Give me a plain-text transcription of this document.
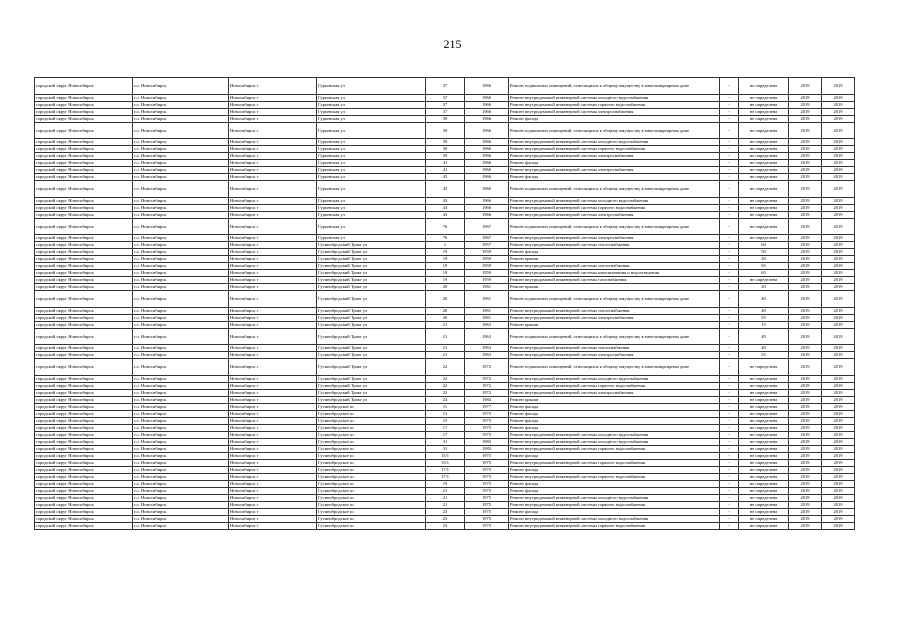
215
городской округ Новосибирск	г.о. Новосибирск	Новосибирск г	Гурьевская ул	37	1966	Ремонт подвальных помещений, относящихся к общему имуществу в многоквартирном доме	-	не определена	2019	2019
городской округ Новосибирск	г.о. Новосибирск	Новосибирск г	Гурьевская ул	37	1966	Ремонт внутридомовой инженерной системы холодного водоснабжения	-	не определена	2019	2019
городской округ Новосибирск	г.о. Новосибирск	Новосибирск г	Гурьевская ул	37	1966	Ремонт внутридомовой инженерной системы горячего водоснабжения	-	не определена	2019	2019
городской округ Новосибирск	г.о. Новосибирск	Новосибирск г	Гурьевская ул	37	1966	Ремонт внутридомовой инженерной системы электроснабжения	-	не определена	2019	2019
городской округ Новосибирск	г.о. Новосибирск	Новосибирск г	Гурьевская ул	39	1966	Ремонт фасада	-	не определена	2019	2019
городской округ Новосибирск	г.о. Новосибирск	Новосибирск г	Гурьевская ул	39	1966	Ремонт подвальных помещений, относящихся к общему имуществу в многоквартирном доме	-	не определена	2019	2019
городской округ Новосибирск	г.о. Новосибирск	Новосибирск г	Гурьевская ул	39	1966	Ремонт внутридомовой инженерной системы холодного водоснабжения	-	не определена	2019	2019
городской округ Новосибирск	г.о. Новосибирск	Новосибирск г	Гурьевская ул	39	1966	Ремонт внутридомовой инженерной системы горячего водоснабжения	-	не определена	2019	2019
городской округ Новосибирск	г.о. Новосибирск	Новосибирск г	Гурьевская ул	39	1966	Ремонт внутридомовой инженерной системы электроснабжения	-	не определена	2019	2019
городской округ Новосибирск	г.о. Новосибирск	Новосибирск г	Гурьевская ул	41	1966	Ремонт фасада	-	не определена	2019	2019
городской округ Новосибирск	г.о. Новосибирск	Новосибирск г	Гурьевская ул	41	1966	Ремонт внутридомовой инженерной системы электроснабжения	-	не определена	2019	2019
городской округ Новосибирск	г.о. Новосибирск	Новосибирск г	Гурьевская ул	43	1966	Ремонт фасада	-	не определена	2019	2019
городской округ Новосибирск	г.о. Новосибирск	Новосибирск г	Гурьевская ул	43	1966	Ремонт подвальных помещений, относящихся к общему имуществу в многоквартирном доме	-	не определена	2019	2019
городской округ Новосибирск	г.о. Новосибирск	Новосибирск г	Гурьевская ул	43	1966	Ремонт внутридомовой инженерной системы холодного водоснабжения	-	не определена	2019	2019
городской округ Новосибирск	г.о. Новосибирск	Новосибирск г	Гурьевская ул	43	1966	Ремонт внутридомовой инженерной системы горячего водоснабжения	-	не определена	2019	2019
городской округ Новосибирск	г.о. Новосибирск	Новосибирск г	Гурьевская ул	43	1966	Ремонт внутридомовой инженерной системы электроснабжения	-	не определена	2019	2019
городской округ Новосибирск	г.о. Новосибирск	Новосибирск г	Гурьевская ул	76	1967	Ремонт подвальных помещений, относящихся к общему имуществу в многоквартирном доме	-	не определена	2019	2019
городской округ Новосибирск	г.о. Новосибирск	Новосибирск г	Гурьевская ул	76	1967	Ремонт внутридомовой инженерной системы электроснабжения	-	не определена	2019	2019
городской округ Новосибирск	г.о. Новосибирск	Новосибирск г	Гусинобродский Тракт ул	1	1957	Ремонт внутридомовой инженерной системы теплоснабжения	-	60	2019	2019
городской округ Новосибирск	г.о. Новосибирск	Новосибирск г	Гусинобродский Тракт ул	19	1959	Ремонт фасада	-	50	2019	2019
городской округ Новосибирск	г.о. Новосибирск	Новосибирск г	Гусинобродский Тракт ул	19	1959	Ремонт крыши	-	20	2019	2019
городской округ Новосибирск	г.о. Новосибирск	Новосибирск г	Гусинобродский Тракт ул	19	1959	Ремонт внутридомовой инженерной системы теплоснабжения	-	65	2019	2019
городской округ Новосибирск	г.о. Новосибирск	Новосибирск г	Гусинобродский Тракт ул	19	1959	Ремонт внутридомовой инженерной системы канализования и водоотведения	-	65	2019	2019
городской округ Новосибирск	г.о. Новосибирск	Новосибирск г	Гусинобродский Тракт ул	19	1959	Ремонт внутридомовой инженерной системы газоснабжения	-	не определена	2019	2019
городской округ Новосибирск	г.о. Новосибирск	Новосибирск г	Гусинобродский Тракт ул	20	1961	Ремонт крыши	-	20	2019	2019
городской округ Новосибирск	г.о. Новосибирск	Новосибирск г	Гусинобродский Тракт ул	20	1961	Ремонт подвальных помещений, относящихся к общему имуществу в многоквартирном доме	-	40	2019	2019
городской округ Новосибирск	г.о. Новосибирск	Новосибирск г	Гусинобродский Тракт ул	20	1961	Ремонт внутридомовой инженерной системы теплоснабжения	-	40	2019	2019
городской округ Новосибирск	г.о. Новосибирск	Новосибирск г	Гусинобродский Тракт ул	20	1961	Ремонт внутридомовой инженерной системы электроснабжения	-	55	2019	2019
городской округ Новосибирск	г.о. Новосибирск	Новосибирск г	Гусинобродский Тракт ул	21	1963	Ремонт крыши	-	15	2019	2019
городской округ Новосибирск	г.о. Новосибирск	Новосибирск г	Гусинобродский Тракт ул	21	1963	Ремонт подвальных помещений, относящихся к общему имуществу в многоквартирном доме	-	49	2019	2019
городской округ Новосибирск	г.о. Новосибирск	Новосибирск г	Гусинобродский Тракт ул	21	1963	Ремонт внутридомовой инженерной системы теплоснабжения	-	40	2019	2019
городской округ Новосибирск	г.о. Новосибирск	Новосибирск г	Гусинобродский Тракт ул	21	1963	Ремонт внутридомовой инженерной системы электроснабжения	-	55	2019	2019
городской округ Новосибирск	г.о. Новосибирск	Новосибирск г	Гусинобродский Тракт ул	22	1972	Ремонт подвальных помещений, относящихся к общему имуществу в многоквартирном доме	-	не определена	2019	2019
городской округ Новосибирск	г.о. Новосибирск	Новосибирск г	Гусинобродский Тракт ул	22	1972	Ремонт внутридомовой инженерной системы холодного водоснабжения	-	не определена	2019	2019
городской округ Новосибирск	г.о. Новосибирск	Новосибирск г	Гусинобродский Тракт ул	22	1972	Ремонт внутридомовой инженерной системы горячего водоснабжения	-	не определена	2019	2019
городской округ Новосибирск	г.о. Новосибирск	Новосибирск г	Гусинобродский Тракт ул	22	1972	Ремонт внутридомовой инженерной системы электроснабжения	-	не определена	2019	2019
городской округ Новосибирск	г.о. Новосибирск	Новосибирск г	Гусинобродский Тракт ул	24	1984	Ремонт крыши	-	не определена	2019	2019
городской округ Новосибирск	г.о. Новосибирск	Новосибирск г	Гусинобродское ш	11	1977	Ремонт фасада	-	не определена	2019	2019
городской округ Новосибирск	г.о. Новосибирск	Новосибирск г	Гусинобродское ш	13	1975	Ремонт фасада	-	не определена	2019	2019
городской округ Новосибирск	г.о. Новосибирск	Новосибирск г	Гусинобродское ш	15	1975	Ремонт фасада	-	не определена	2019	2019
городской округ Новосибирск	г.о. Новосибирск	Новосибирск г	Гусинобродское ш	17	1975	Ремонт фасада	-	не определена	2019	2019
городской округ Новосибирск	г.о. Новосибирск	Новосибирск г	Гусинобродское ш	17	1975	Ремонт внутридомовой инженерной системы холодного водоснабжения	-	не определена	2019	2019
городской округ Новосибирск	г.о. Новосибирск	Новосибирск г	Гусинобродское ш	31	1983	Ремонт внутридомовой инженерной системы холодного водоснабжения	-	не определена	2019	2019
городской округ Новосибирск	г.о. Новосибирск	Новосибирск г	Гусинобродское ш	31	1983	Ремонт внутридомовой инженерной системы горячего водоснабжения	-	не определена	2019	2019
городской округ Новосибирск	г.о. Новосибирск	Новосибирск г	Гусинобродское ш	15/1	1975	Ремонт фасада	-	не определена	2019	2019
городской округ Новосибирск	г.о. Новосибирск	Новосибирск г	Гусинобродское ш	15/1	1975	Ремонт внутридомовой инженерной системы горячего водоснабжения	-	не определена	2019	2019
городской округ Новосибирск	г.о. Новосибирск	Новосибирск г	Гусинобродское ш	17/1	1975	Ремонт фасада	-	не определена	2019	2019
городской округ Новосибирск	г.о. Новосибирск	Новосибирск г	Гусинобродское ш	17/1	1975	Ремонт внутридомовой инженерной системы горячего водоснабжения	-	не определена	2019	2019
городской округ Новосибирск	г.о. Новосибирск	Новосибирск г	Гусинобродское ш	19	1975	Ремонт фасада	-	не определена	2019	2019
городской округ Новосибирск	г.о. Новосибирск	Новосибирск г	Гусинобродское ш	21	1975	Ремонт фасада	-	не определена	2019	2019
городской округ Новосибирск	г.о. Новосибирск	Новосибирск г	Гусинобродское ш	21	1975	Ремонт внутридомовой инженерной системы холодного водоснабжения	-	не определена	2019	2019
городской округ Новосибирск	г.о. Новосибирск	Новосибирск г	Гусинобродское ш	21	1975	Ремонт внутридомовой инженерной системы горячего водоснабжения	-	не определена	2019	2019
городской округ Новосибирск	г.о. Новосибирск	Новосибирск г	Гусинобродское ш	23	1975	Ремонт фасада	-	не определена	2019	2019
городской округ Новосибирск	г.о. Новосибирск	Новосибирск г	Гусинобродское ш	23	1975	Ремонт внутридомовой инженерной системы холодного водоснабжения	-	не определена	2019	2019
городской округ Новосибирск	г.о. Новосибирск	Новосибирск г	Гусинобродское ш	23	1975	Ремонт внутридомовой инженерной системы горячего водоснабжения	-	не определена	2019	2019
